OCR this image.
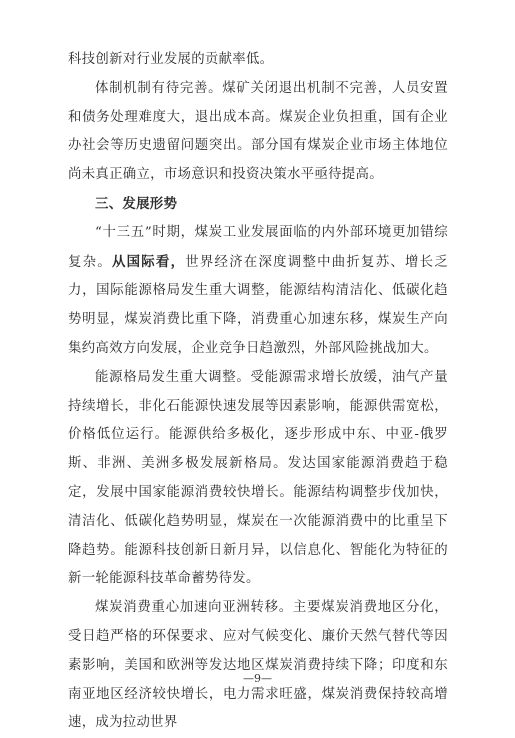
科技创新对行业发展的贡献率低。

体制机制有待完善。煤矿关闭退出机制不完善，人员安置和债务处理难度大，退出成本高。煤炭企业负担重，国有企业办社会等历史遗留问题突出。部分国有煤炭企业市场主体地位尚未真正确立，市场意识和投资决策水平亟待提高。

三、发展形势

“十三五”时期，煤炭工业发展面临的内外部环境更加错综复杂。从国际看，世界经济在深度调整中曲折复苏、增长乏力，国际能源格局发生重大调整，能源结构清洁化、低碳化趋势明显，煤炭消费比重下降，消费重心加速东移，煤炭生产向集约高效方向发展，企业竞争日趋激烈，外部风险挑战加大。

能源格局发生重大调整。受能源需求增长放缓，油气产量持续增长，非化石能源快速发展等因素影响，能源供需宽松，价格低位运行。能源供给多极化，逐步形成中东、中亚-俄罗斯、非洲、美洲多极发展新格局。发达国家能源消费趋于稳定，发展中国家能源消费较快增长。能源结构调整步伐加快，清洁化、低碳化趋势明显，煤炭在一次能源消费中的比重呈下降趋势。能源科技创新日新月异，以信息化、智能化为特征的新一轮能源科技革命蓄势待发。

煤炭消费重心加速向亚洲转移。主要煤炭消费地区分化，受日趋严格的环保要求、应对气候变化、廉价天然气替代等因素影响，美国和欧洲等发达地区煤炭消费持续下降；印度和东南亚地区经济较快增长，电力需求旺盛，煤炭消费保持较高增速，成为拉动世界

—9—
